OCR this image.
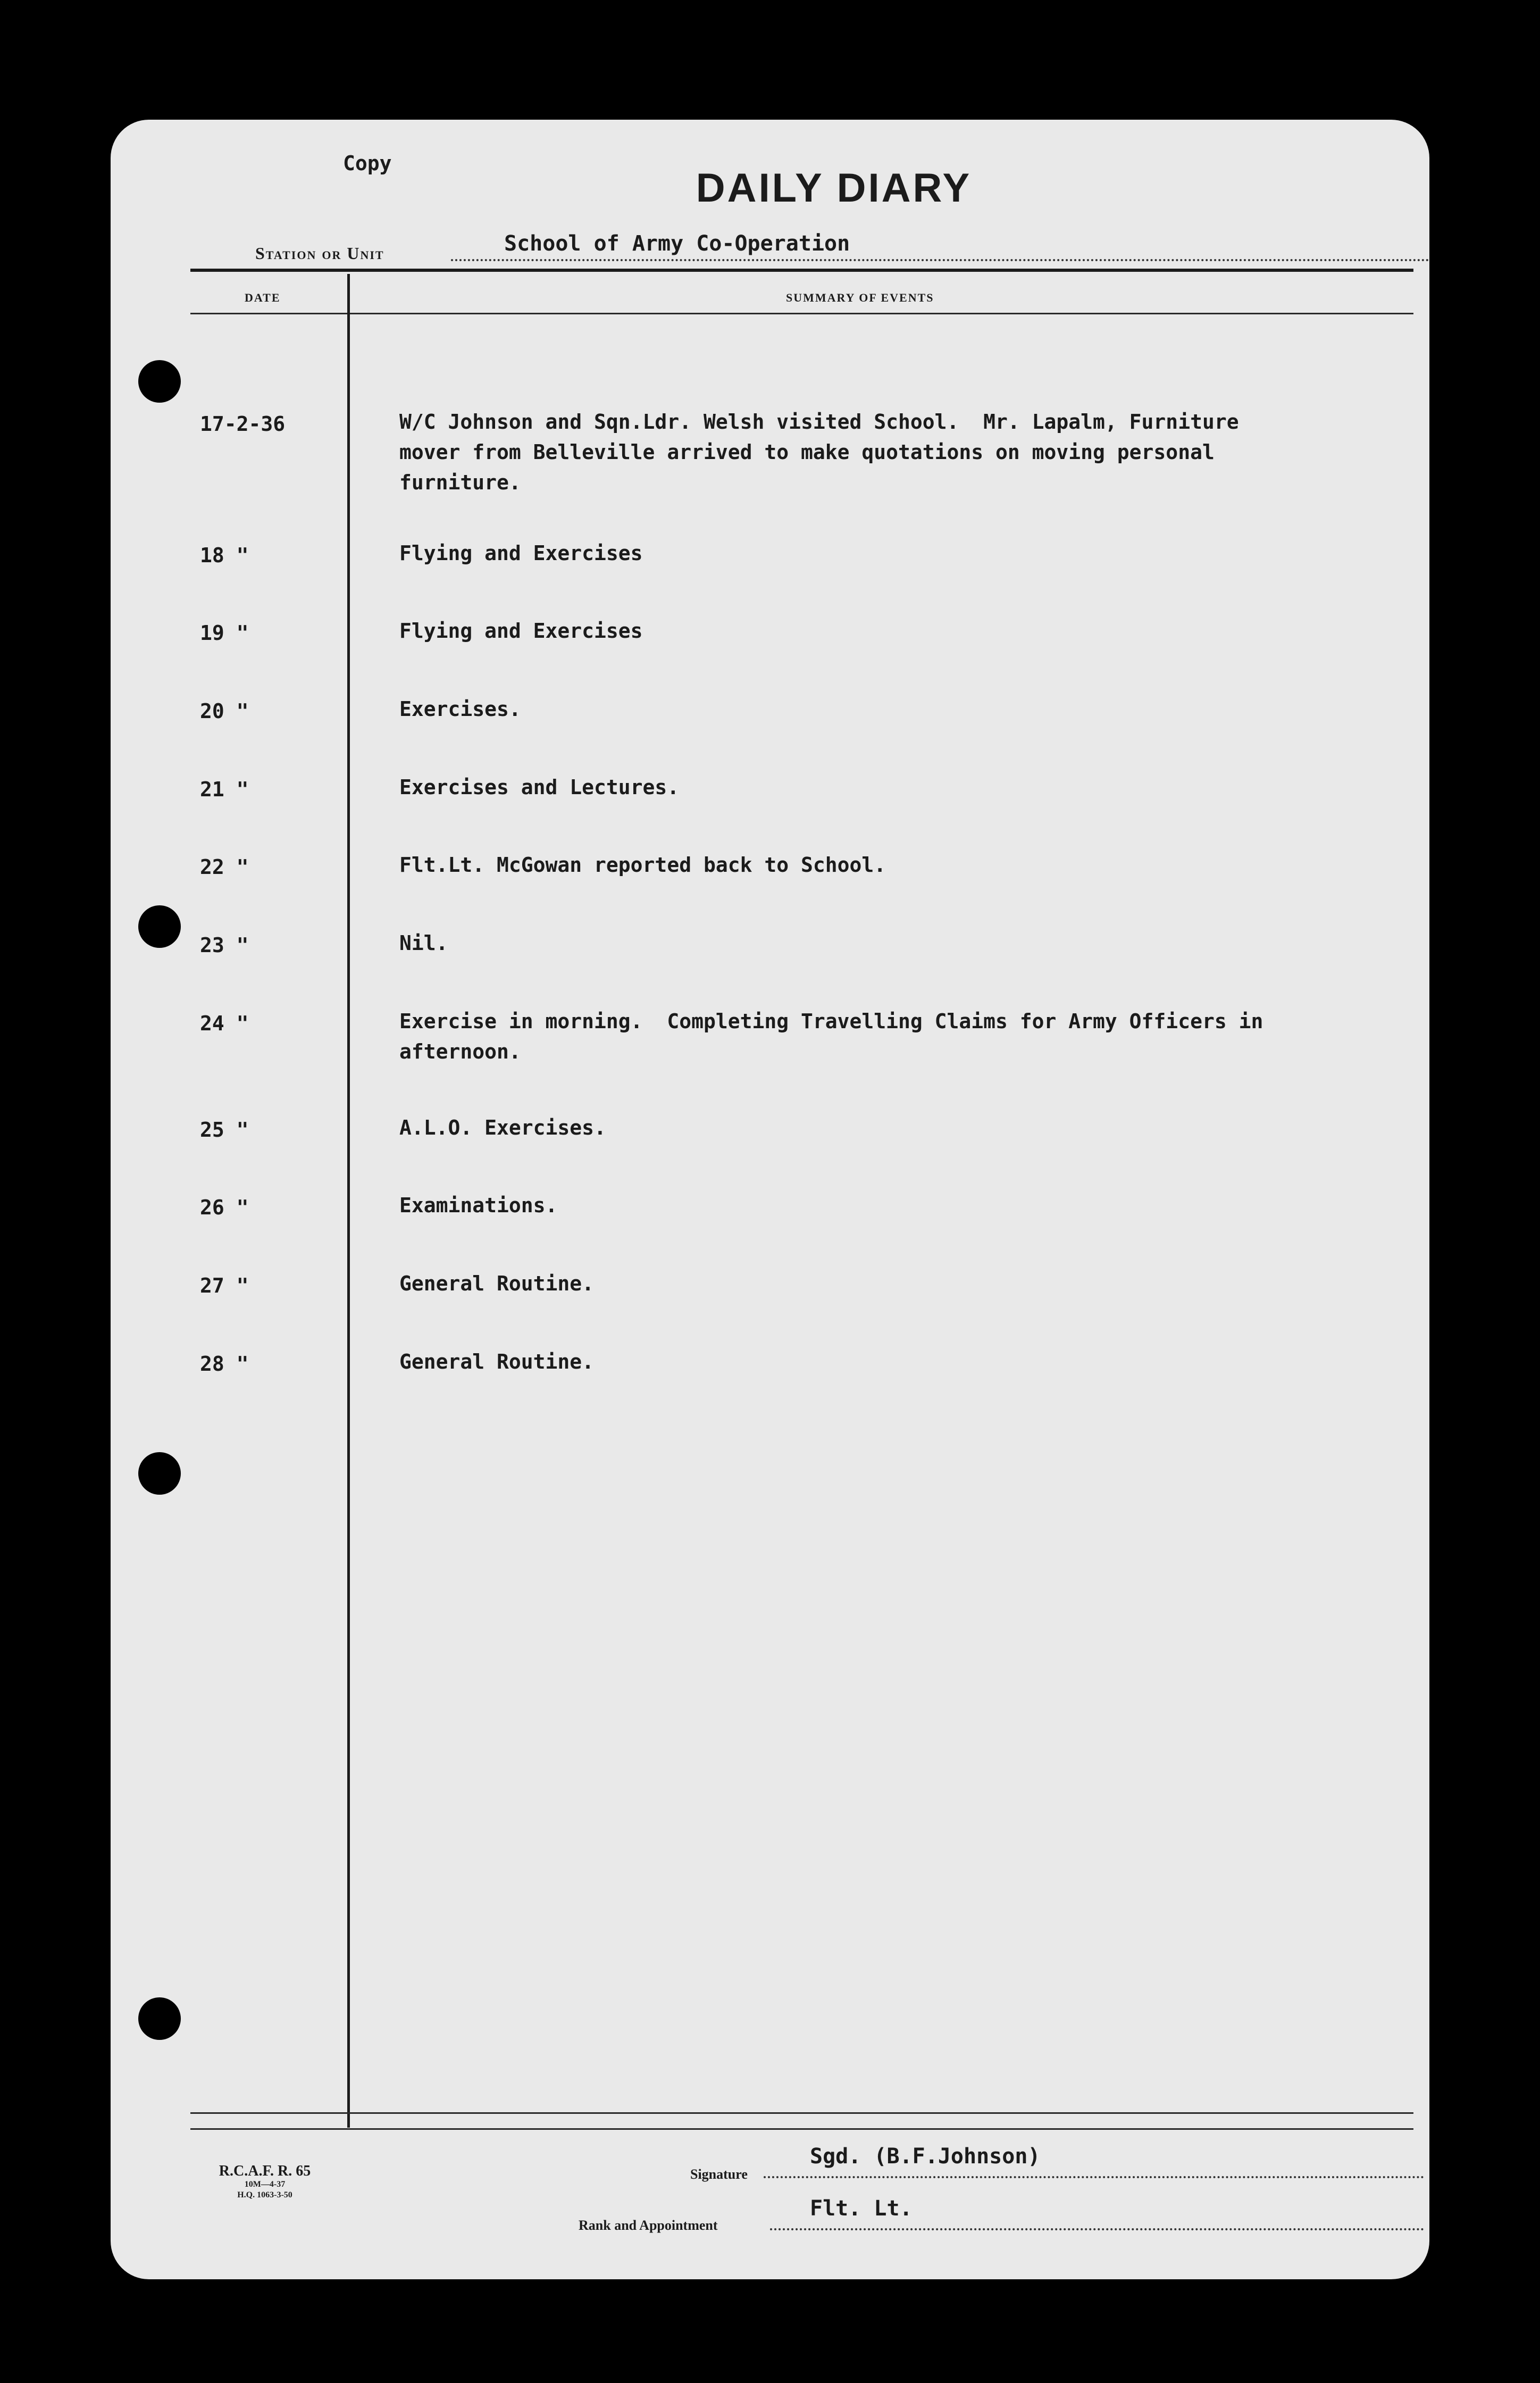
Copy
DAILY DIARY
Station or Unit	School of Army Co-Operation
DATE	SUMMARY OF EVENTS
17-2-36	W/C Johnson and Sqn.Ldr. Welsh visited School.  Mr. Lapalm, Furniture
mover from Belleville arrived to make quotations on moving personal
furniture.
18 "	Flying and Exercises
19 "	Flying and Exercises
20 "	Exercises.
21 "	Exercises and Lectures.
22 "	Flt.Lt. McGowan reported back to School.
23 "	Nil.
24 "	Exercise in morning.  Completing Travelling Claims for Army Officers in
afternoon.
25 "	A.L.O. Exercises.
26 "	Examinations.
27 "	General Routine.
28 "	General Routine.
R.C.A.F. R. 65
10M—4-37
H.Q. 1063-3-50
Signature
Sgd. (B.F.Johnson)
Rank and Appointment
Flt. Lt.
